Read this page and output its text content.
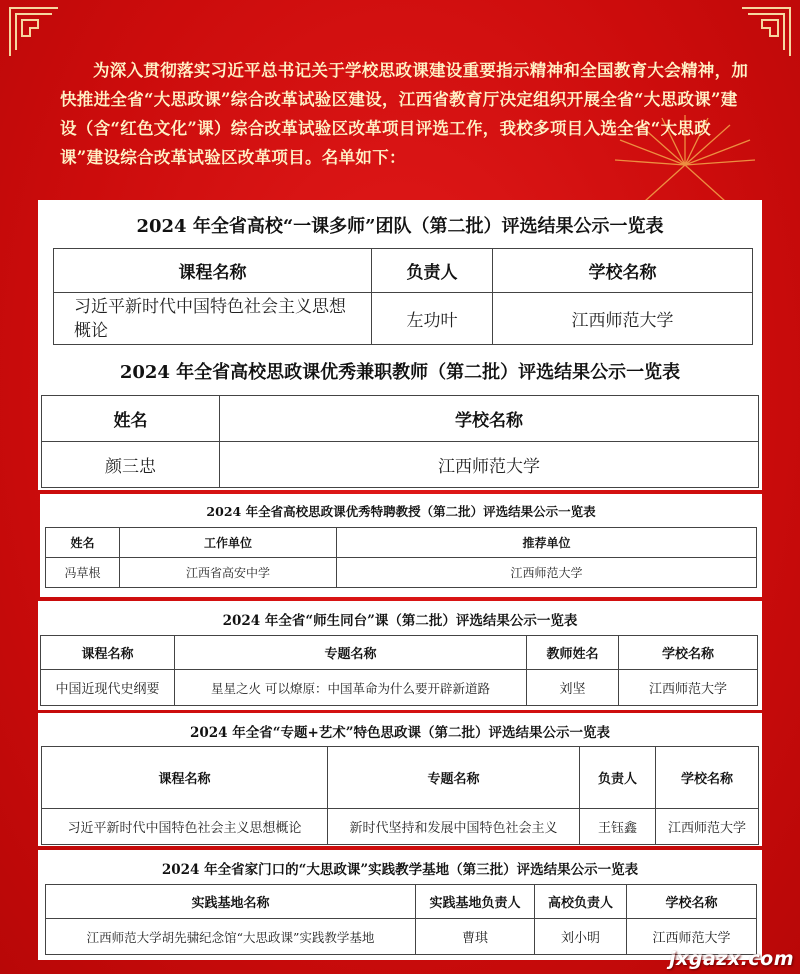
为深入贯彻落实习近平总书记关于学校思政课建设重要指示精神和全国教育大会精神，加快推进全省“大思政课”综合改革试验区建设，江西省教育厅决定组织开展全省“大思政课”建设（含“红色文化”课）综合改革试验区改革项目评选工作，我校多项目入选全省“大思政课”建设综合改革试验区改革项目。名单如下：

2024 年全省高校“一课多师”团队（第二批）评选结果公示一览表
课程名称	负责人	学校名称
习近平新时代中国特色社会主义思想概论	左功叶	江西师范大学
2024 年全省高校思政课优秀兼职教师（第二批）评选结果公示一览表
姓名	学校名称
颜三忠	江西师范大学
2024 年全省高校思政课优秀特聘教授（第二批）评选结果公示一览表
姓名	工作单位	推荐单位
冯草根	江西省高安中学	江西师范大学
2024 年全省“师生同台”课（第二批）评选结果公示一览表
课程名称	专题名称	教师姓名	学校名称
中国近现代史纲要	星星之火 可以燎原：中国革命为什么要开辟新道路	刘坚	江西师范大学
2024 年全省“专题+艺术”特色思政课（第二批）评选结果公示一览表
课程名称	专题名称	负责人	学校名称
习近平新时代中国特色社会主义思想概论	新时代坚持和发展中国特色社会主义	王钰鑫	江西师范大学
2024 年全省家门口的“大思政课”实践教学基地（第三批）评选结果公示一览表
实践基地名称	实践基地负责人	高校负责人	学校名称
江西师范大学胡先骕纪念馆“大思政课”实践教学基地	曹琪	刘小明	江西师范大学
jxgazx.com
